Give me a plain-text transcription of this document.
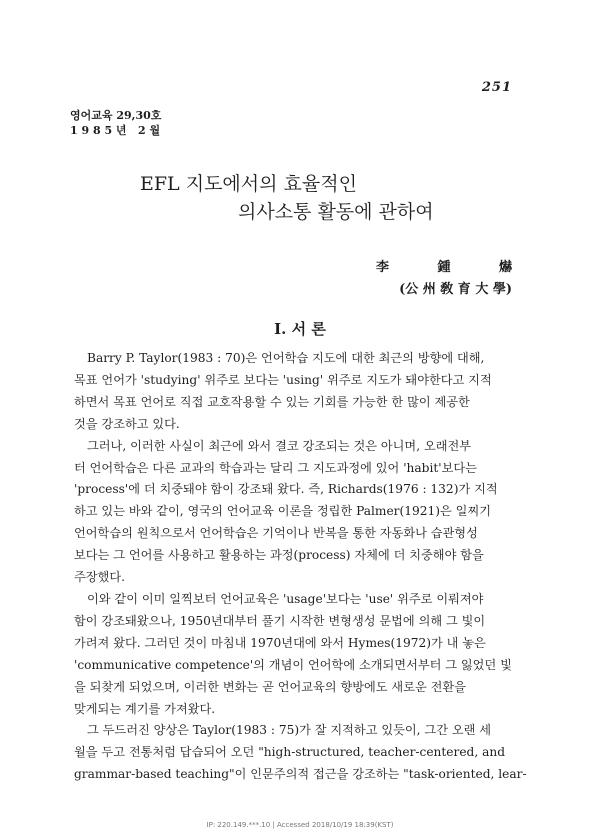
251
영어교육 29,30호
1 9 8 5 년   2 월
EFL 지도에서의 효율적인
의사소통 활동에 관하여
李 鍾 爀
(公 州 敎 育 大 學)
Ⅰ. 서 론
Barry P. Taylor(1983 : 70)은 언어학습 지도에 대한 최근의 방향에 대해,
목표 언어가 'studying' 위주로 보다는 'using' 위주로 지도가 돼야한다고 지적
하면서 목표 언어로 직접 교호작용할 수 있는 기회를 가능한 한 많이 제공한
것을 강조하고 있다.
그러나, 이러한 사실이 최근에 와서 결코 강조되는 것은 아니며, 오래전부
터 언어학습은 다른 교과의 학습과는 달리 그 지도과정에 있어 'habit'보다는
'process'에 더 치중돼야 함이 강조돼 왔다. 즉, Richards(1976 : 132)가 지적
하고 있는 바와 같이, 영국의 언어교육 이론을 정립한 Palmer(1921)은 일찌기
언어학습의 원칙으로서 언어학습은 기억이나 반복을 통한 자동화나 습관형성
보다는 그 언어를 사용하고 활용하는 과정(process) 자체에 더 치중해야 함을
주장했다.
이와 같이 이미 일찍보터 언어교육은 'usage'보다는 'use' 위주로 이뤄져야
함이 강조돼왔으나, 1950년대부터 풀기 시작한 변형생성 문법에 의해 그 빛이
가려져 왔다. 그러던 것이 마침내 1970년대에 와서 Hymes(1972)가 내 놓은
'communicative competence'의 개념이 언어학에 소개되면서부터 그 잃었던 빛
을 되찾게 되었으며, 이러한 변화는 곧 언어교육의 향방에도 새로운 전환을
맞게되는 계기를 가져왔다.
그 두드러진 양상은 Taylor(1983 : 75)가 잘 지적하고 있듯이, 그간 오랜 세
월을 두고 전통처럼 답습되어 오던 "high-structured, teacher-centered, and
grammar-based teaching"이 인문주의적 접근을 강조하는 "task-oriented, lear-
IP: 220.149.***.10 | Accessed 2018/10/19 18:39(KST)
